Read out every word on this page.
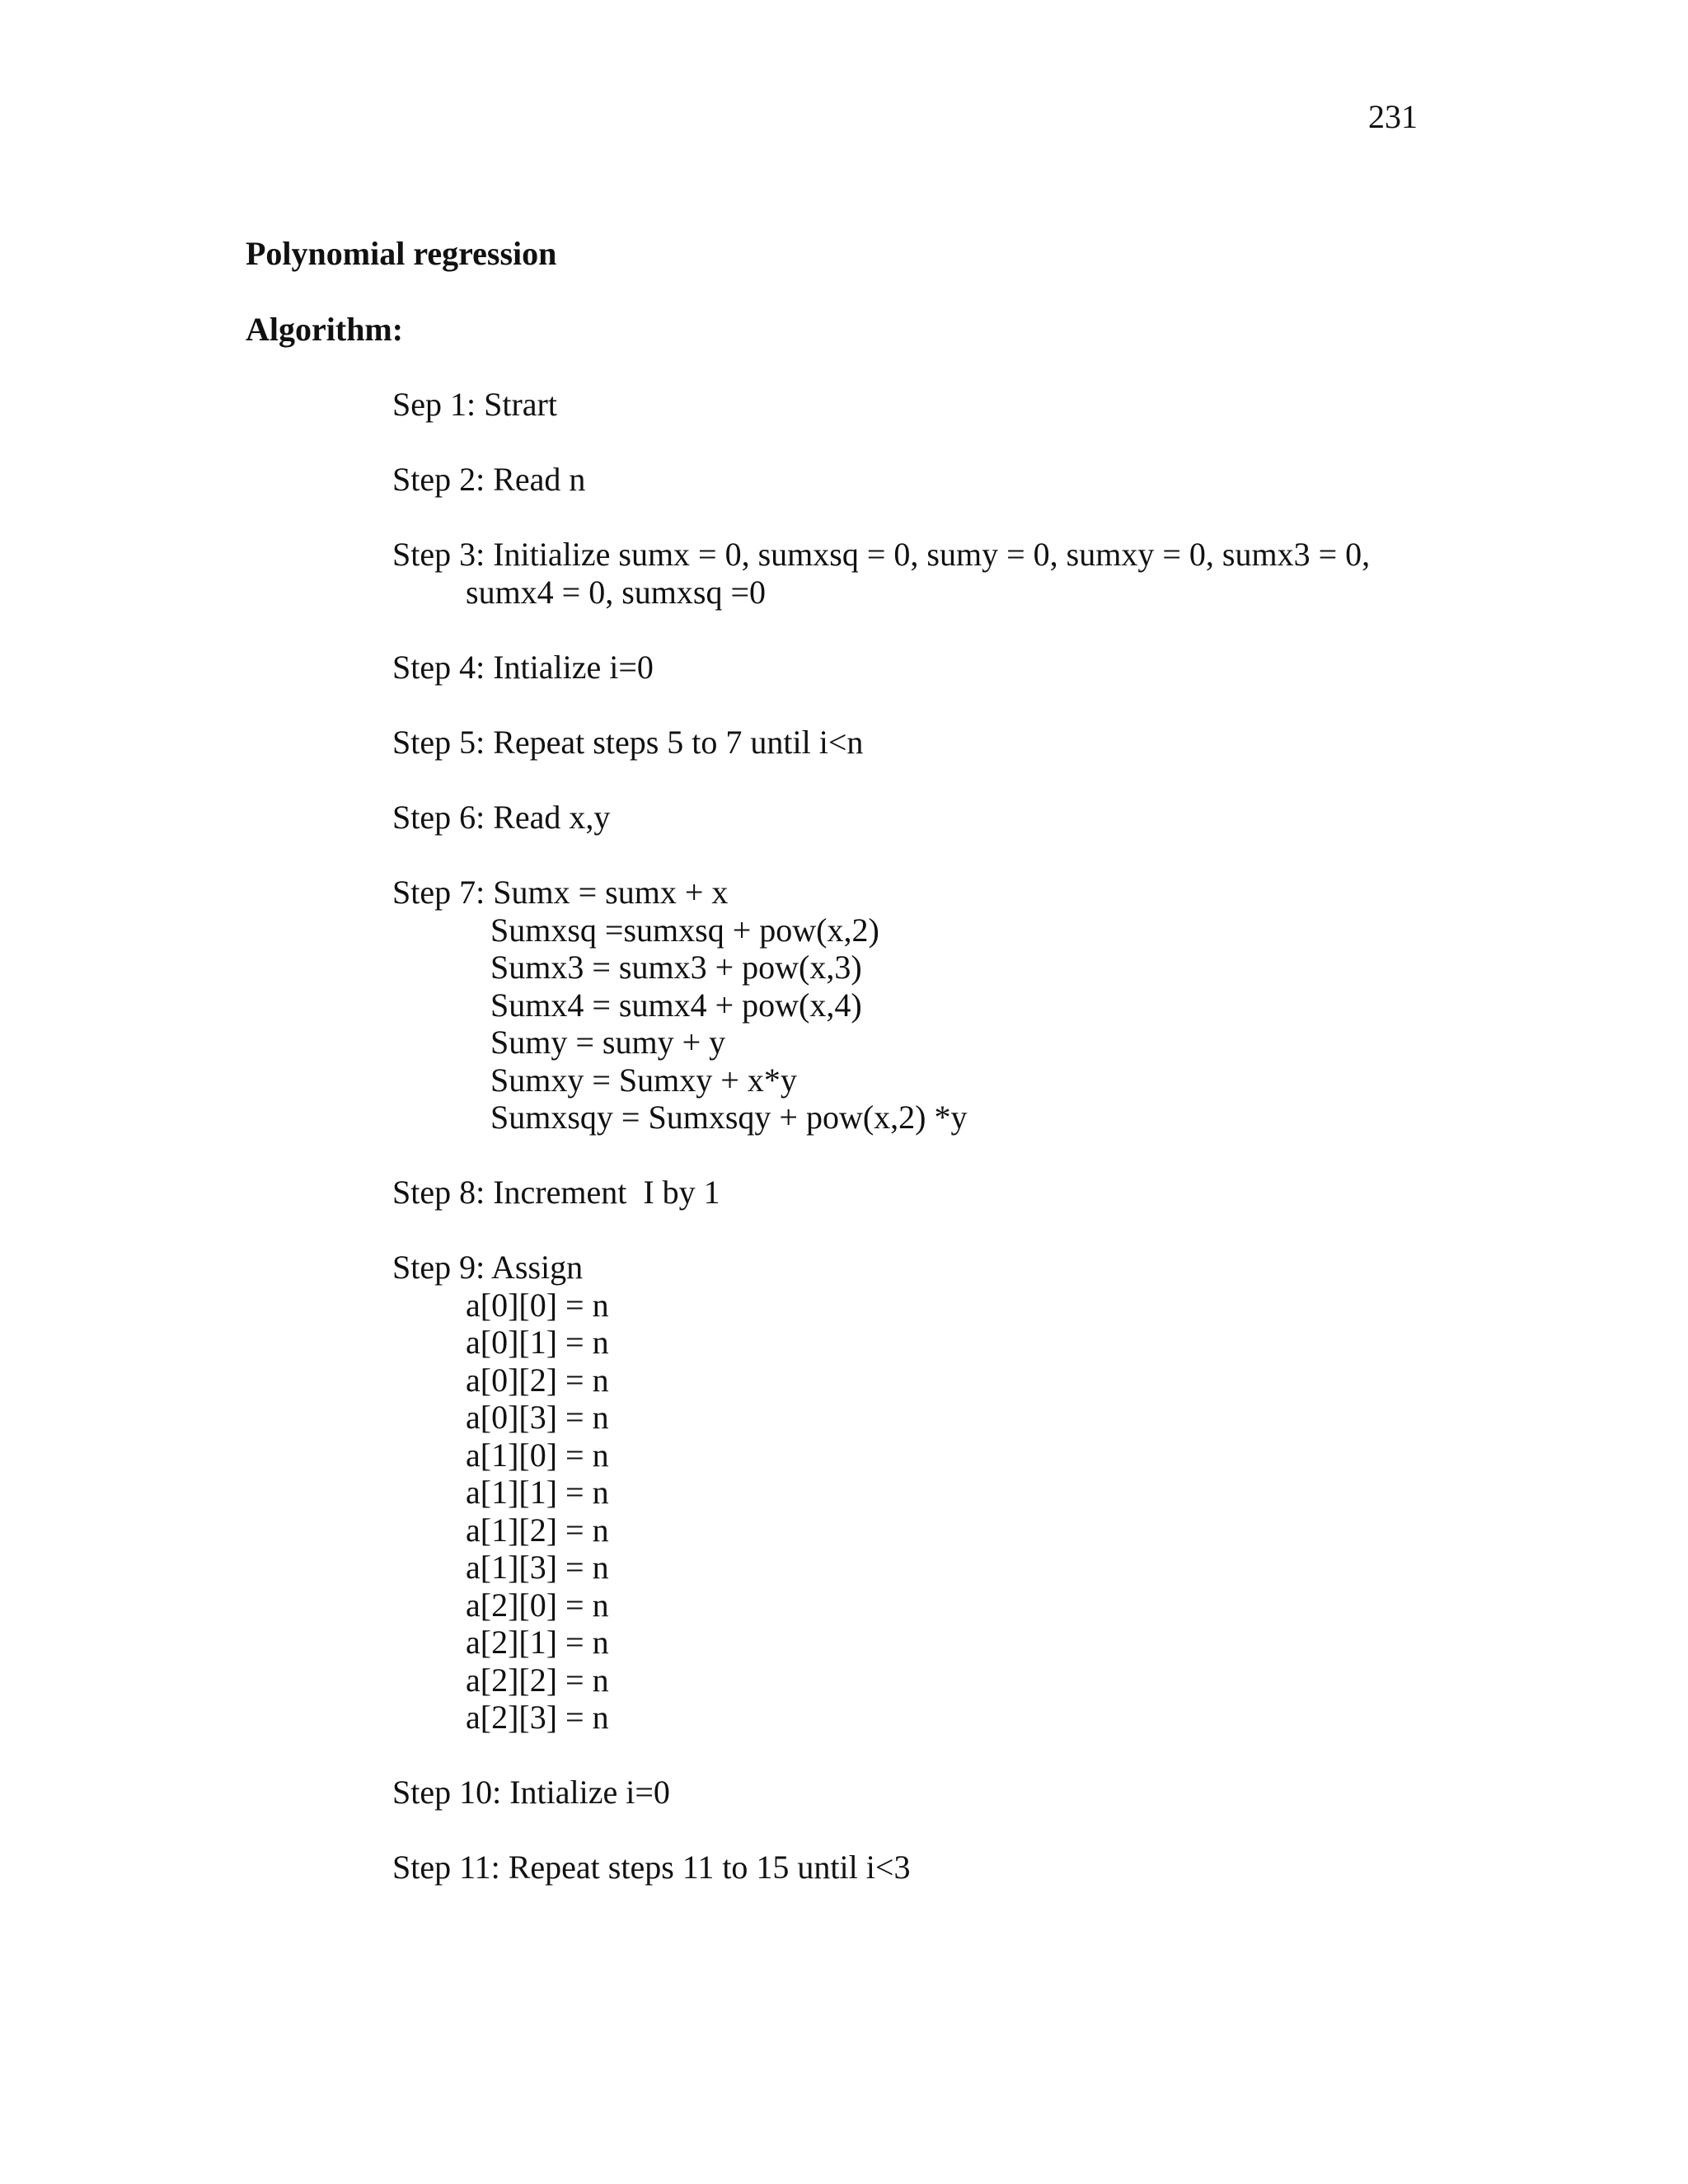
231
Polynomial regression
Algorithm:
Sep 1: Strart
Step 2: Read n
Step 3: Initialize sumx = 0, sumxsq = 0, sumy = 0, sumxy = 0, sumx3 = 0,
sumx4 = 0, sumxsq =0
Step 4: Intialize i=0
Step 5: Repeat steps 5 to 7 until i<n
Step 6: Read x,y
Step 7: Sumx = sumx + x
Sumxsq =sumxsq + pow(x,2)
Sumx3 = sumx3 + pow(x,3)
Sumx4 = sumx4 + pow(x,4)
Sumy = sumy + y
Sumxy = Sumxy + x*y
Sumxsqy = Sumxsqy + pow(x,2) *y
Step 8: Increment  I by 1
Step 9: Assign
a[0][0] = n
a[0][1] = n
a[0][2] = n
a[0][3] = n
a[1][0] = n
a[1][1] = n
a[1][2] = n
a[1][3] = n
a[2][0] = n
a[2][1] = n
a[2][2] = n
a[2][3] = n
Step 10: Intialize i=0
Step 11: Repeat steps 11 to 15 until i<3
